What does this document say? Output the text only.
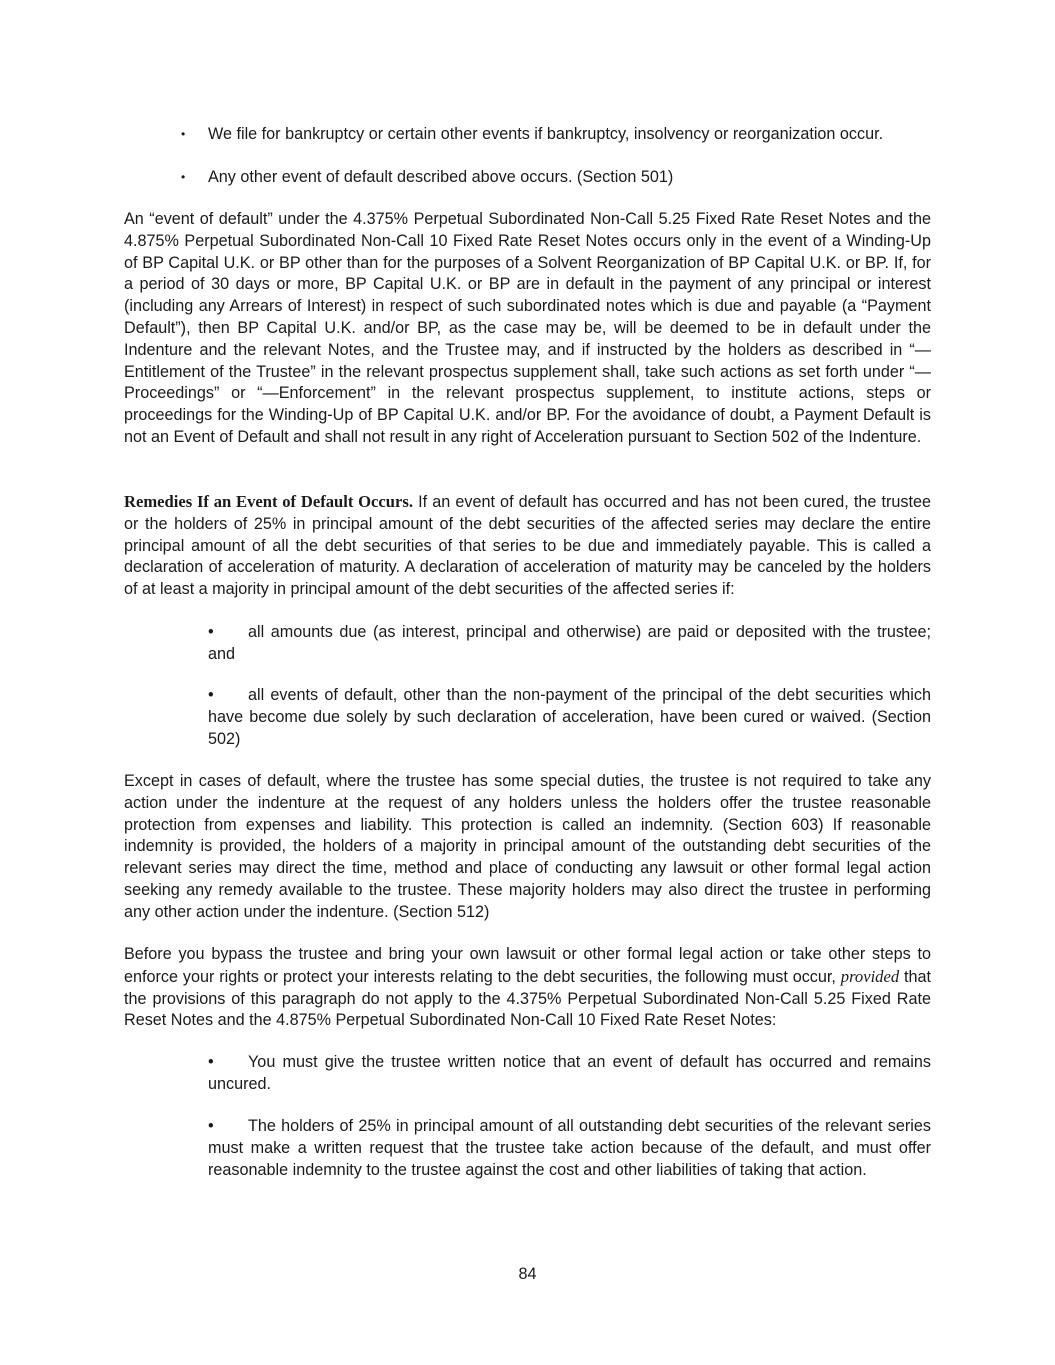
• We file for bankruptcy or certain other events if bankruptcy, insolvency or reorganization occur.

• Any other event of default described above occurs. (Section 501)

An “event of default” under the 4.375% Perpetual Subordinated Non-Call 5.25 Fixed Rate Reset Notes and the 4.875% Perpetual Subordinated Non-Call 10 Fixed Rate Reset Notes occurs only in the event of a Winding-Up of BP Capital U.K. or BP other than for the purposes of a Solvent Reorganization of BP Capital U.K. or BP. If, for a period of 30 days or more, BP Capital U.K. or BP are in default in the payment of any principal or interest (including any Arrears of Interest) in respect of such subordinated notes which is due and payable (a “Payment Default”), then BP Capital U.K. and/or BP, as the case may be, will be deemed to be in default under the Indenture and the relevant Notes, and the Trustee may, and if instructed by the holders as described in “—Entitlement of the Trustee” in the relevant prospectus supplement shall, take such actions as set forth under “—Proceedings” or “—Enforcement” in the relevant prospectus supplement, to institute actions, steps or proceedings for the Winding-Up of BP Capital U.K. and/or BP. For the avoidance of doubt, a Payment Default is not an Event of Default and shall not result in any right of Acceleration pursuant to Section 502 of the Indenture.

Remedies If an Event of Default Occurs. If an event of default has occurred and has not been cured, the trustee or the holders of 25% in principal amount of the debt securities of the affected series may declare the entire principal amount of all the debt securities of that series to be due and immediately payable. This is called a declaration of acceleration of maturity. A declaration of acceleration of maturity may be canceled by the holders of at least a majority in principal amount of the debt securities of the affected series if:

• all amounts due (as interest, principal and otherwise) are paid or deposited with the trustee; and

• all events of default, other than the non-payment of the principal of the debt securities which have become due solely by such declaration of acceleration, have been cured or waived. (Section 502)

Except in cases of default, where the trustee has some special duties, the trustee is not required to take any action under the indenture at the request of any holders unless the holders offer the trustee reasonable protection from expenses and liability. This protection is called an indemnity. (Section 603) If reasonable indemnity is provided, the holders of a majority in principal amount of the outstanding debt securities of the relevant series may direct the time, method and place of conducting any lawsuit or other formal legal action seeking any remedy available to the trustee. These majority holders may also direct the trustee in performing any other action under the indenture. (Section 512)

Before you bypass the trustee and bring your own lawsuit or other formal legal action or take other steps to enforce your rights or protect your interests relating to the debt securities, the following must occur, provided that the provisions of this paragraph do not apply to the 4.375% Perpetual Subordinated Non-Call 5.25 Fixed Rate Reset Notes and the 4.875% Perpetual Subordinated Non-Call 10 Fixed Rate Reset Notes:

• You must give the trustee written notice that an event of default has occurred and remains uncured.

• The holders of 25% in principal amount of all outstanding debt securities of the relevant series must make a written request that the trustee take action because of the default, and must offer reasonable indemnity to the trustee against the cost and other liabilities of taking that action.

84
